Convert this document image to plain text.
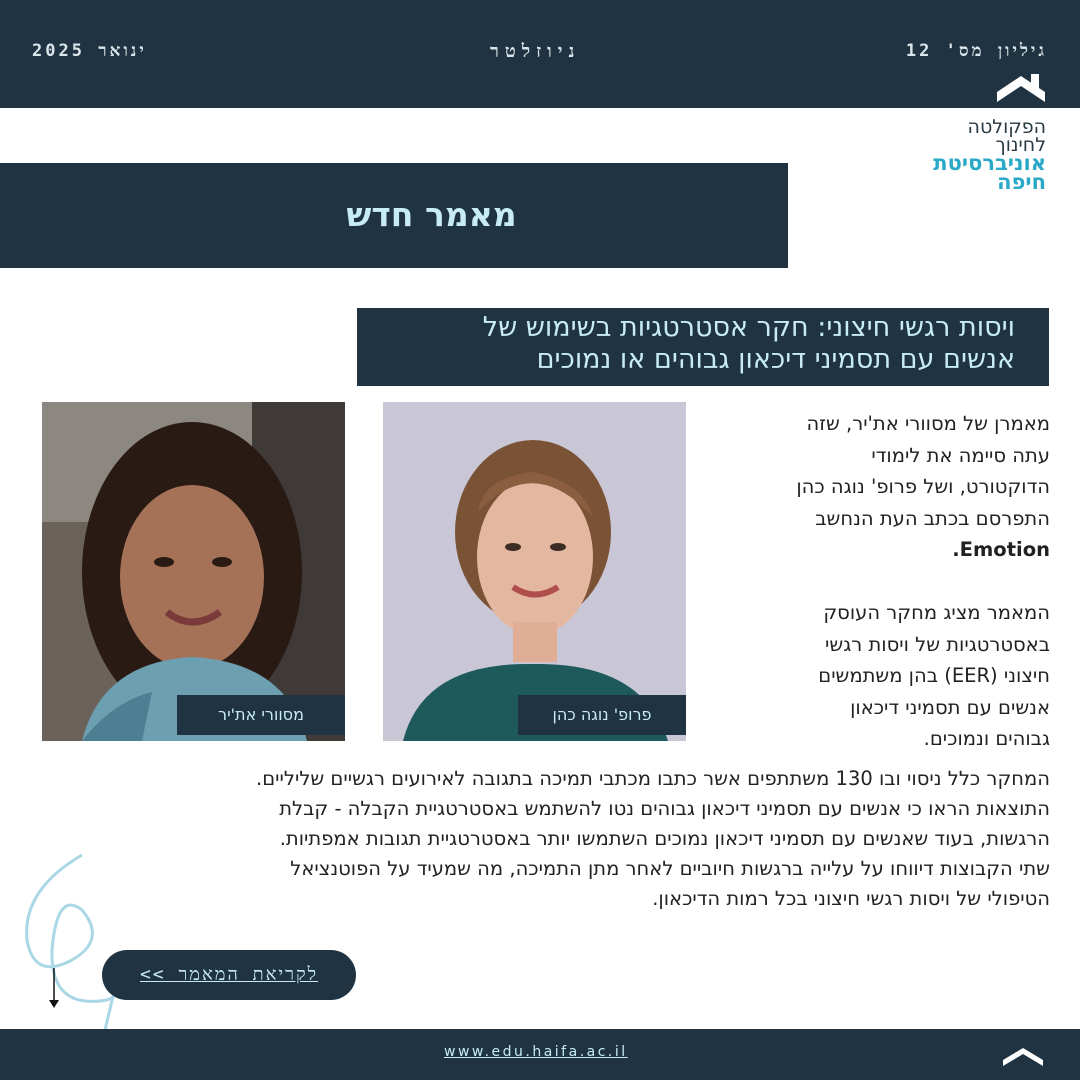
ינואר 2025	ניוזלטר	גיליון מס' 12
הפקולטה
לחינוך
אוניברסיטת
חיפה
מאמר חדש
ויסות רגשי חיצוני: חקר אסטרטגיות בשימוש של
אנשים עם תסמיני דיכאון גבוהים או נמוכים
מסוורי את'יר	פרופ' נוגה כהן

מאמרן של מסוורי את'יר, שזה

עתה סיימה את לימודי

הדוקטורט, ושל פרופ' נוגה כהן

התפרסם בכתב העת הנחשב

Emotion.

המאמר מציג מחקר העוסק

באסטרטגיות של ויסות רגשי

חיצוני (EER) בהן משתמשים

אנשים עם תסמיני דיכאון

גבוהים ונמוכים.

המחקר כלל ניסוי ובו 130 משתתפים אשר כתבו מכתבי תמיכה בתגובה לאירועים רגשיים שליליים.
התוצאות הראו כי אנשים עם תסמיני דיכאון גבוהים נטו להשתמש באסטרטגיית הקבלה - קבלת
הרגשות, בעוד שאנשים עם תסמיני דיכאון נמוכים השתמשו יותר באסטרטגיית תגובות אמפתיות.
שתי הקבוצות דיווחו על עלייה ברגשות חיוביים לאחר מתן התמיכה, מה שמעיד על הפוטנציאל
הטיפולי של ויסות רגשי חיצוני בכל רמות הדיכאון.
לקריאת המאמר >>
www.edu.haifa.ac.il
